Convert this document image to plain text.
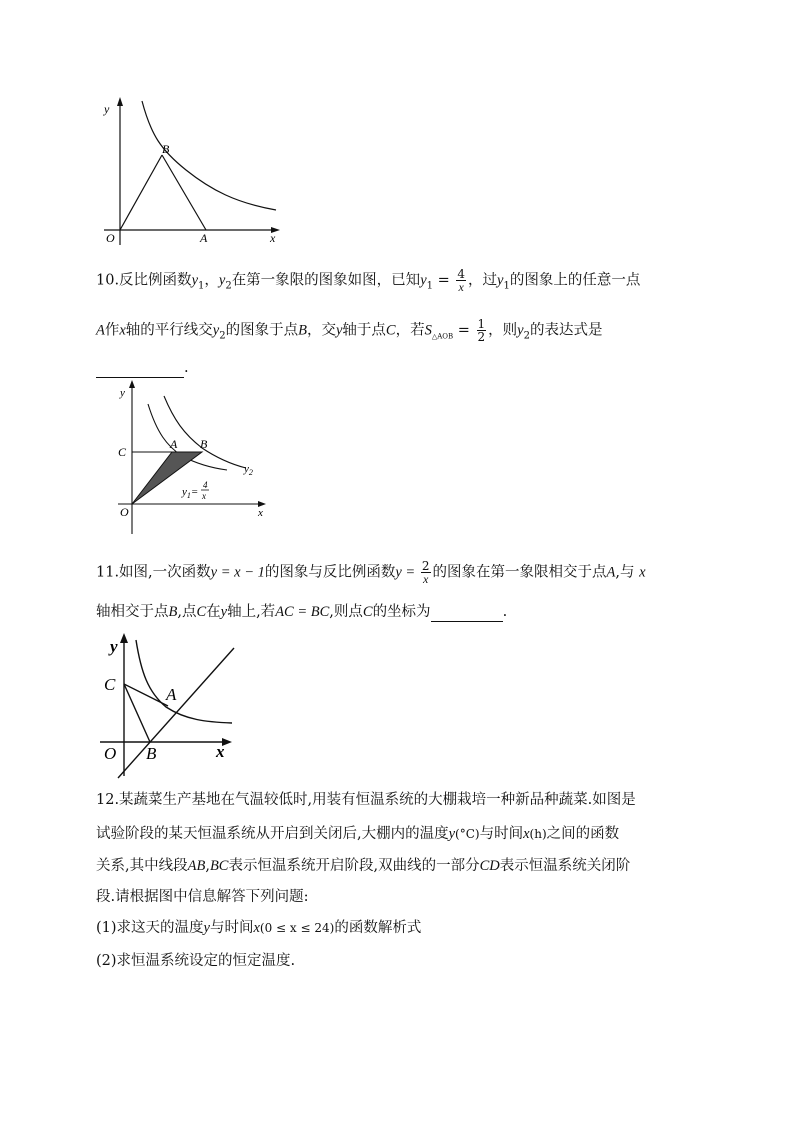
y
B
O	A	x
10.反比例函数$y_1$，$y_2$在第一象限的图象如图，已知$y_1 = \frac{4}{x}$ ，过$y_1$的图象上的任意一点
A作x轴的平行线交$y_2$的图象于点B，交y轴于点C，若$S_{\triangle AOB} = \frac{1}{2}$ ，则$y_2$的表达式是
.
y
C
A B
$y_2$
$y_1=$
4
x
O	x
11.如图,一次函数y = x − 1的图象与反比例函数$y = \frac{2}{x}$ 的图象在第一象限相交于点A,与 x
轴相交于点B,点C在y轴上,若AC = BC,则点C的坐标为	.
y
C
A
O B	x
12.某蔬菜生产基地在气温较低时,用装有恒温系统的大棚栽培一种新品种蔬菜.如图是
试验阶段的某天恒温系统从开启到关闭后,大棚内的温度y(°C)与时间x(h)之间的函数
关系,其中线段AB,BC表示恒温系统开启阶段,双曲线的一部分CD表示恒温系统关闭阶
段.请根据图中信息解答下列问题:
(1)求这天的温度y与时间x(0 ≤ x ≤ 24)的函数解析式
(2)求恒温系统设定的恒定温度.
